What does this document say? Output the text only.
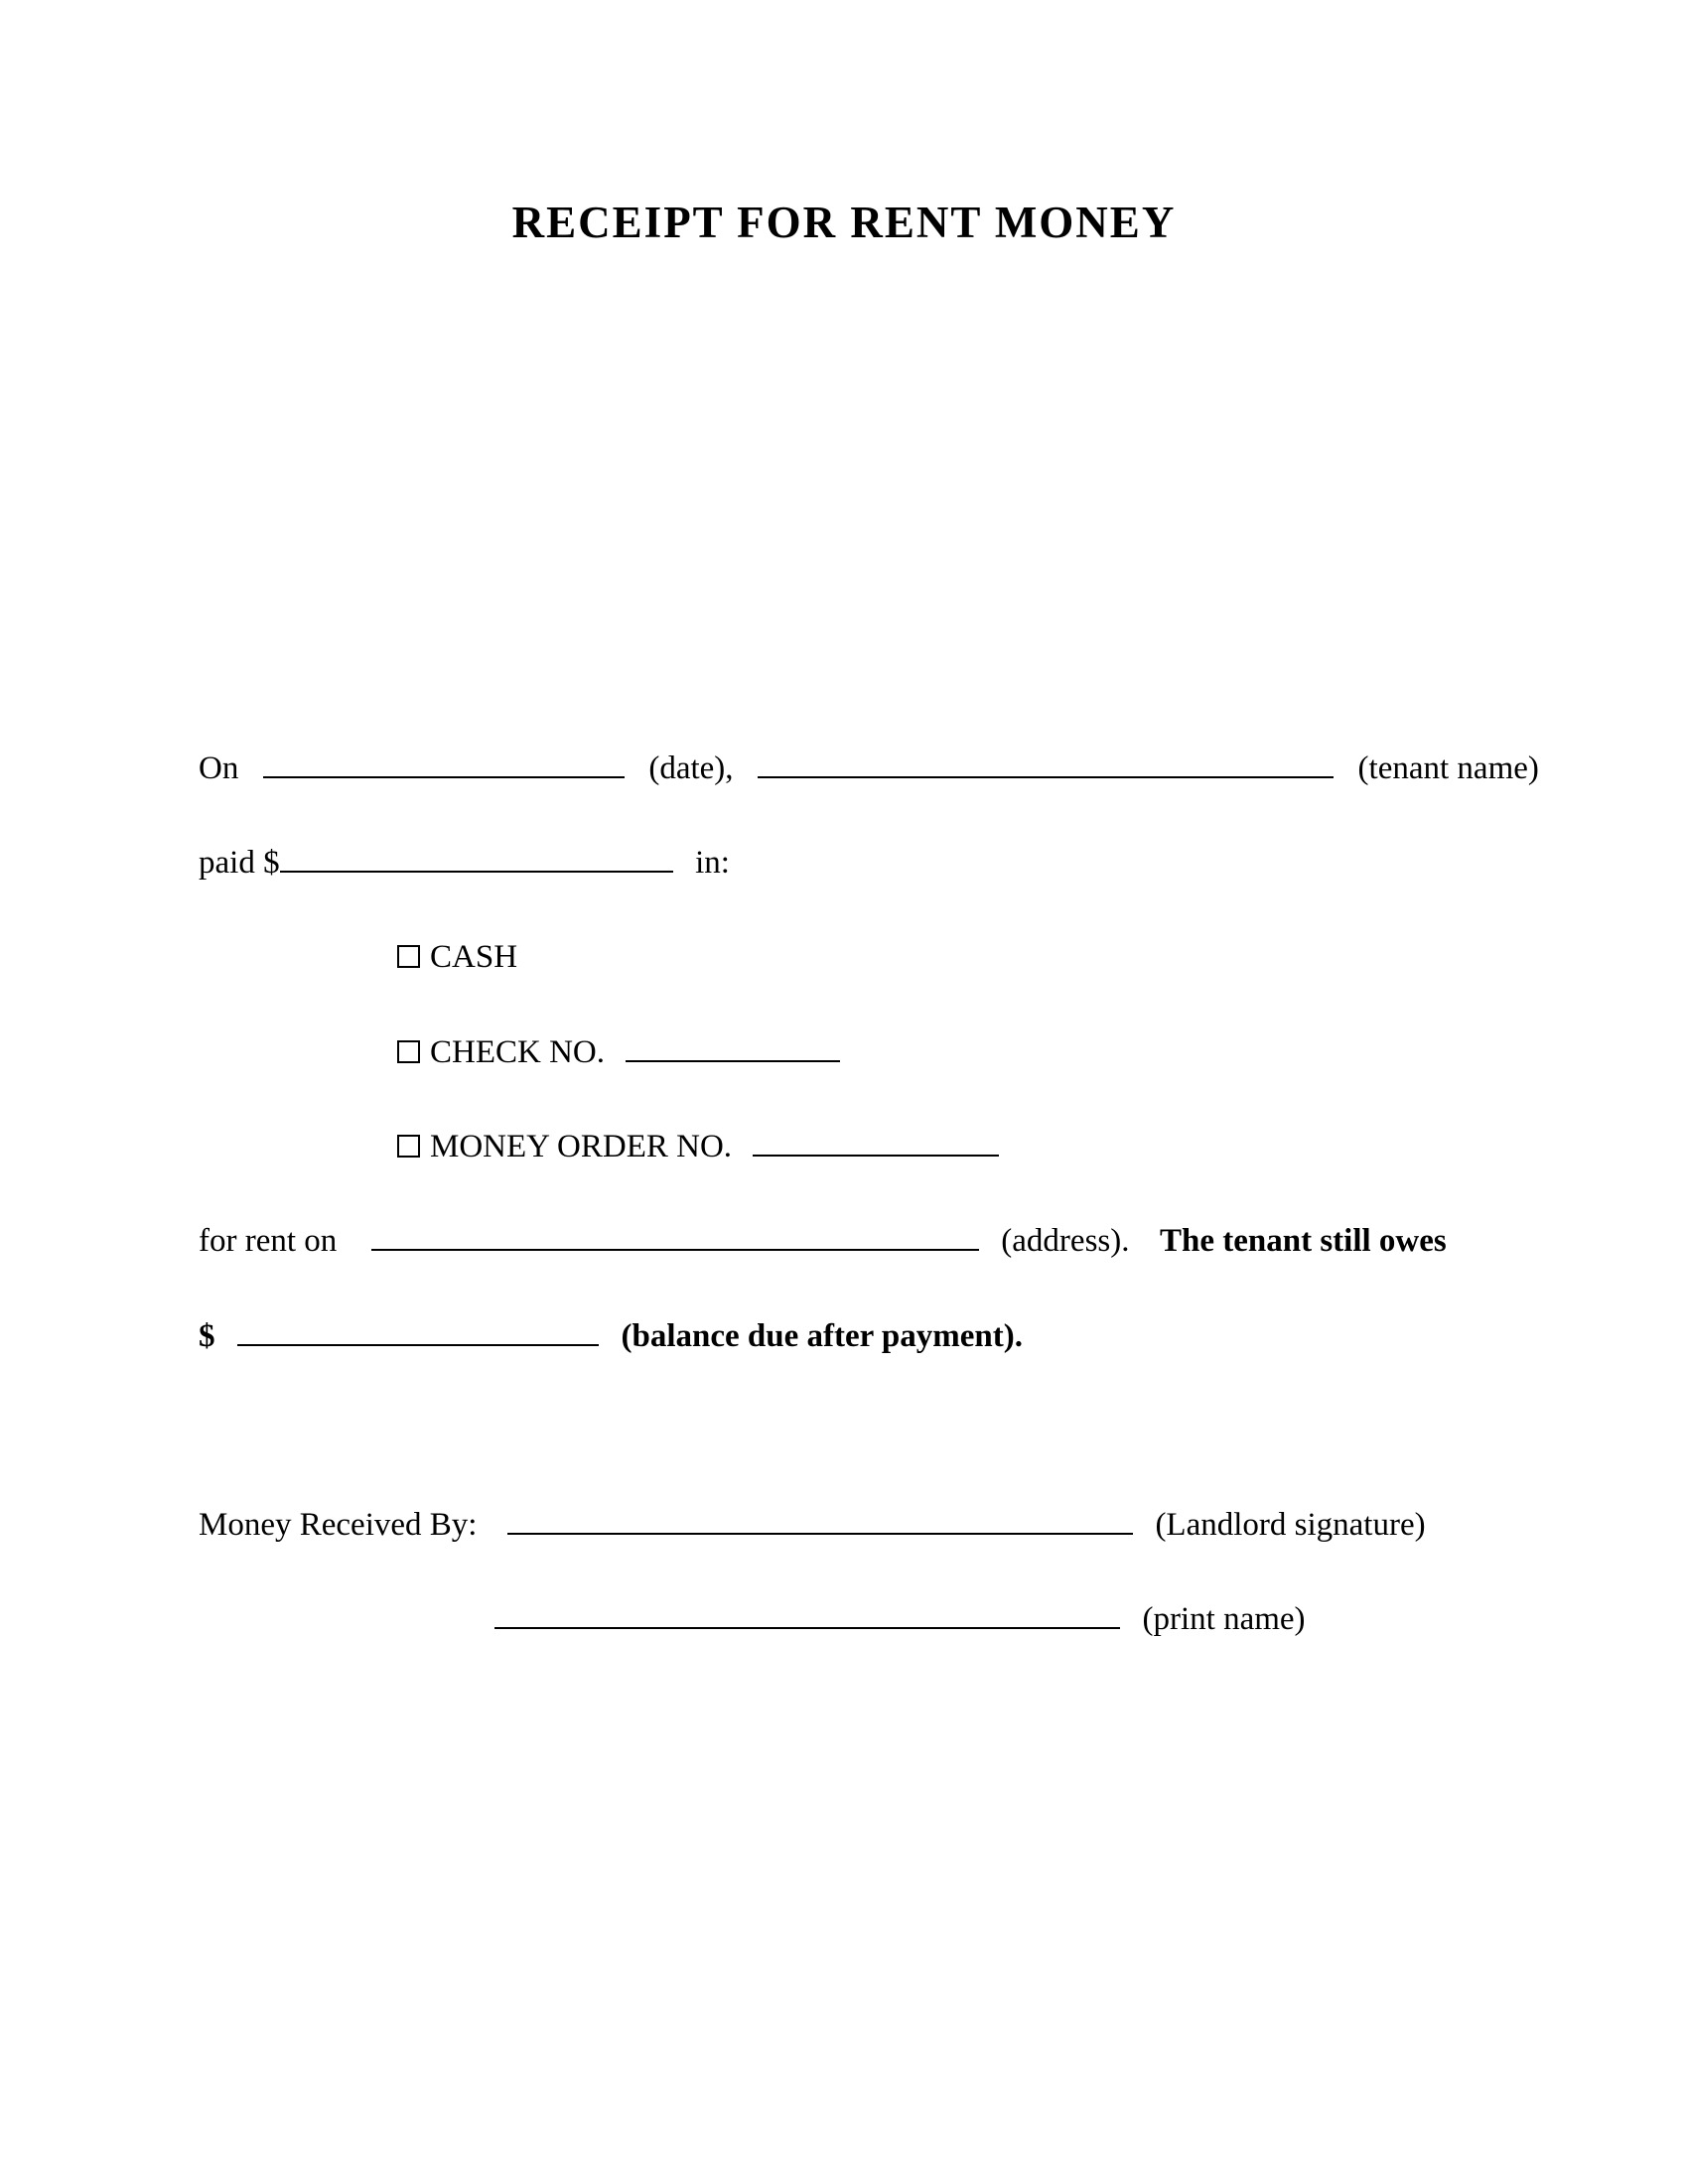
RECEIPT FOR RENT MONEY
On	(date),	(tenant name)
paid $	in:
CASH
CHECK NO.
MONEY ORDER NO.
for rent on	(address). The tenant still owes
$	(balance due after payment).
Money Received By:	(Landlord signature)
(print name)
